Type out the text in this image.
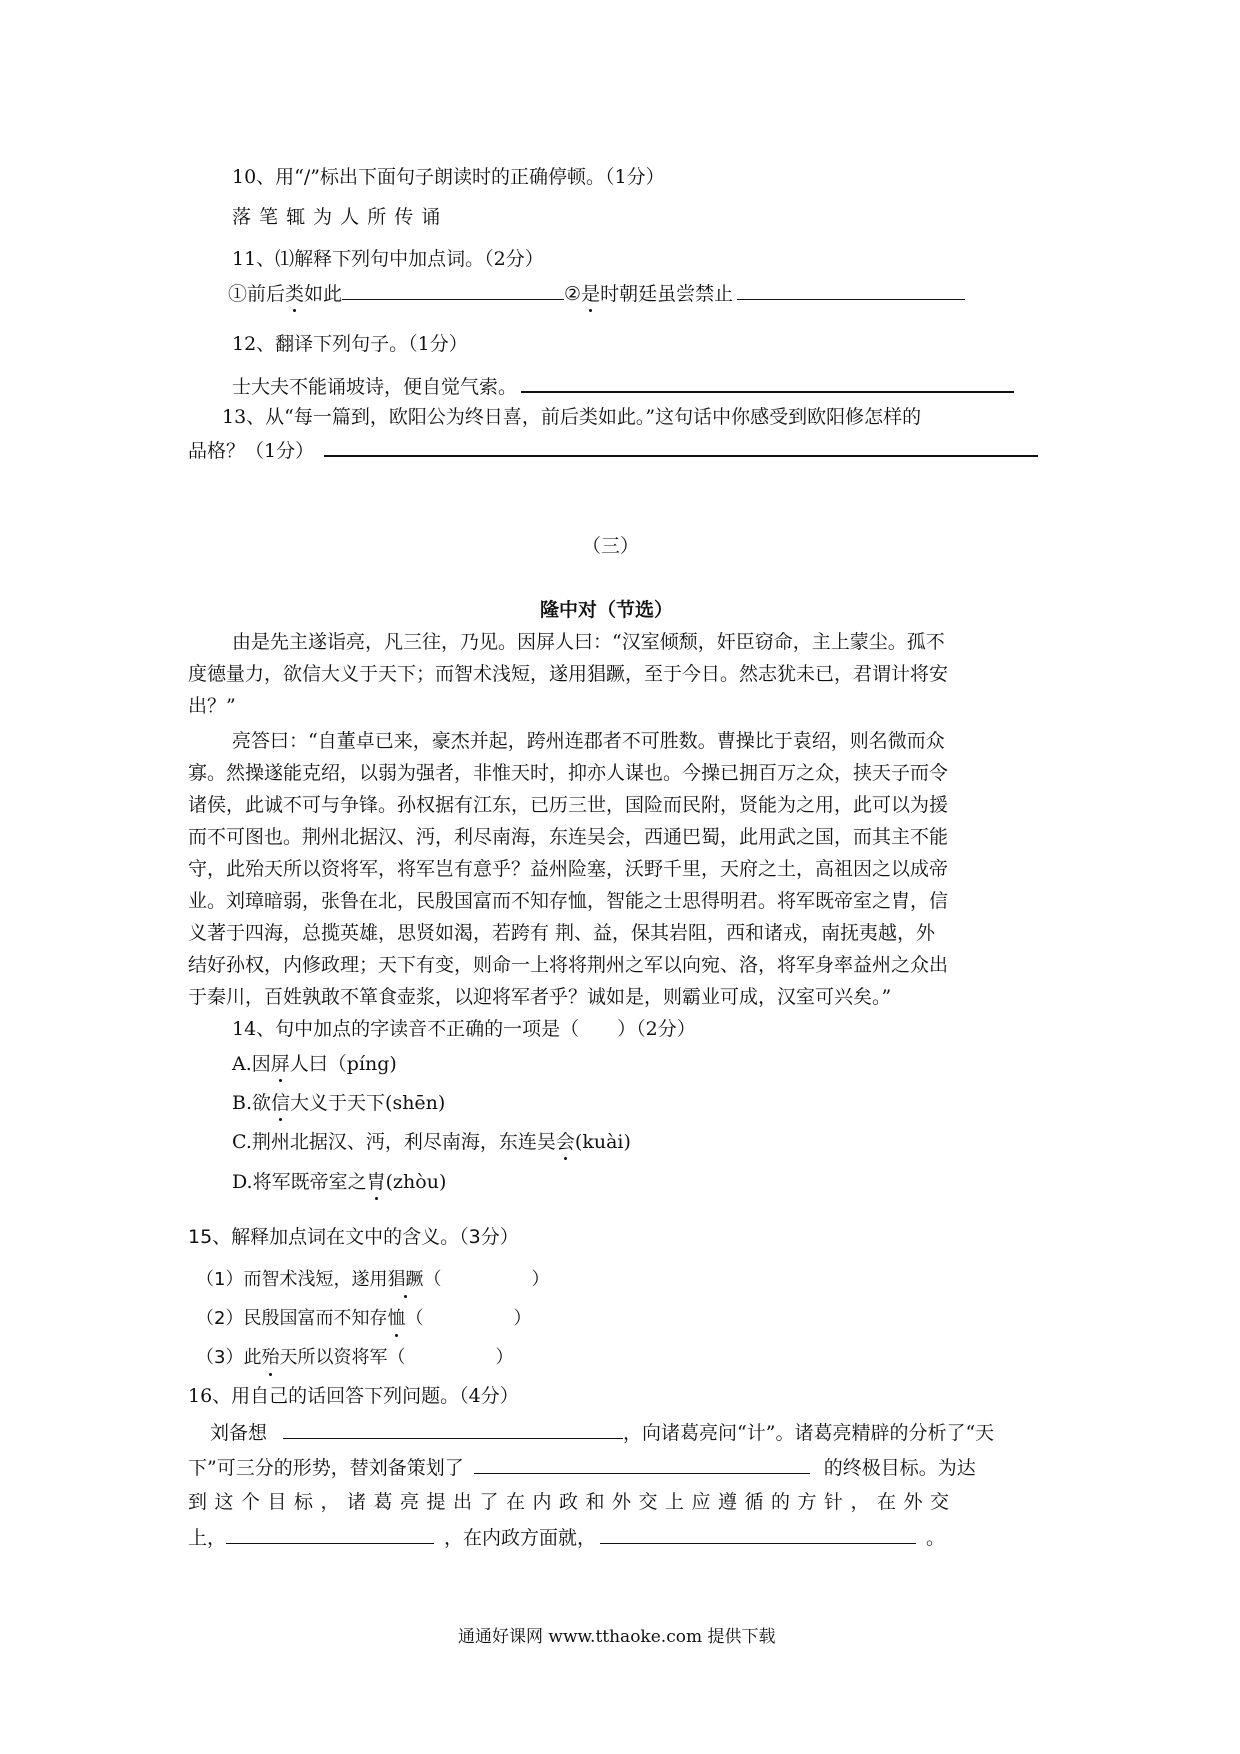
10、用“/”标出下面句子朗读时的正确停顿。（1分）
落 笔 辄 为 人 所 传 诵
11、⑴解释下列句中加点词。（2分）
①前后类如此	②是时朝廷虽尝禁止
12、翻译下列句子。（1分）
士大夫不能诵坡诗，便自觉气索。
13、从“每一篇到，欧阳公为终日喜，前后类如此。”这句话中你感受到欧阳修怎样的
品格？（1分）
（三）
隆中对（节选）
由是先主遂诣亮，凡三往，乃见。因屏人曰：“汉室倾颓，奸臣窃命，主上蒙尘。孤不
度德量力，欲信大义于天下；而智术浅短，遂用猖蹶，至于今日。然志犹未已，君谓计将安
出？”
亮答曰：“自董卓已来，豪杰并起，跨州连郡者不可胜数。曹操比于袁绍，则名微而众
寡。然操遂能克绍，以弱为强者，非惟天时，抑亦人谋也。今操已拥百万之众，挟天子而令
诸侯，此诚不可与争锋。孙权据有江东，已历三世，国险而民附，贤能为之用，此可以为援
而不可图也。荆州北据汉、沔，利尽南海，东连吴会，西通巴蜀，此用武之国，而其主不能
守，此殆天所以资将军，将军岂有意乎？益州险塞，沃野千里，天府之土，高祖因之以成帝
业。刘璋暗弱，张鲁在北，民殷国富而不知存恤，智能之士思得明君。将军既帝室之胄，信
义著于四海，总揽英雄，思贤如渴，若跨有 荆、益，保其岩阻，西和诸戎，南抚夷越，外
结好孙权，内修政理；天下有变，则命一上将将荆州之军以向宛、洛，将军身率益州之众出
于秦川，百姓孰敢不箪食壶浆，以迎将军者乎？诚如是，则霸业可成，汉室可兴矣。”
14、句中加点的字读音不正确的一项是（　　）（2分）
A.因屏人曰（píng)
B.欲信大义于天下(shēn)
C.荆州北据汉、沔，利尽南海，东连吴会(kuài)
D.将军既帝室之胄(zhòu)
15、解释加点词在文中的含义。（3分）
（1）而智术浅短，遂用猖蹶（　　　　　）
（2）民殷国富而不知存恤（　　　　　）
（3）此殆天所以资将军（　　　　　）
16、用自己的话回答下列问题。（4分）
刘备想	，向诸葛亮问“计”。诸葛亮精辟的分析了“天
下”可三分的形势，替刘备策划了	的终极目标。为达
到这个目标，诸葛亮提出了在内政和外交上应遵循的方针，在外交
上，	，在内政方面就，	。
通通好课网 www.tthaoke.com 提供下载
